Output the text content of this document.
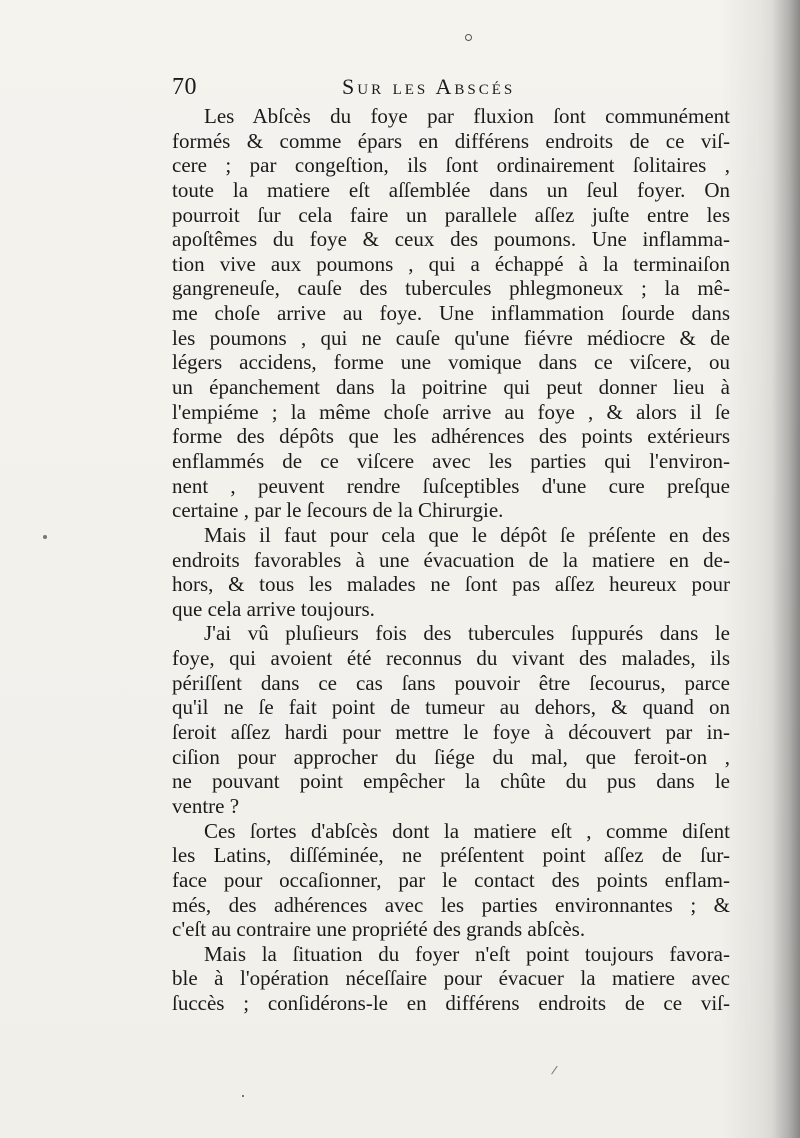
70	Sur les Abscés
Les Abſcès du foye par fluxion ſont communément
formés & comme épars en différens endroits de ce viſ-
cere ; par congeſtion, ils ſont ordinairement ſolitaires ,
toute la matiere eſt aſſemblée dans un ſeul foyer. On
pourroit ſur cela faire un parallele aſſez juſte entre les
apoſtêmes du foye & ceux des poumons. Une inflamma-
tion vive aux poumons , qui a échappé à la terminaiſon
gangreneuſe, cauſe des tubercules phlegmoneux ; la mê-
me choſe arrive au foye. Une inflammation ſourde dans
les poumons , qui ne cauſe qu'une fiévre médiocre & de
légers accidens, forme une vomique dans ce viſcere, ou
un épanchement dans la poitrine qui peut donner lieu à
l'empiéme ; la même choſe arrive au foye , & alors il ſe
forme des dépôts que les adhérences des points extérieurs
enflammés de ce viſcere avec les parties qui l'environ-
nent , peuvent rendre ſuſceptibles d'une cure preſque
certaine , par le ſecours de la Chirurgie.
Mais il faut pour cela que le dépôt ſe préſente en des
endroits favorables à une évacuation de la matiere en de-
hors, & tous les malades ne ſont pas aſſez heureux pour
que cela arrive toujours.
J'ai vû pluſieurs fois des tubercules ſuppurés dans le
foye, qui avoient été reconnus du vivant des malades, ils
périſſent dans ce cas ſans pouvoir être ſecourus, parce
qu'il ne ſe fait point de tumeur au dehors, & quand on
ſeroit aſſez hardi pour mettre le foye à découvert par in-
ciſion pour approcher du ſiége du mal, que feroit-on ,
ne pouvant point empêcher la chûte du pus dans le
ventre ?
Ces ſortes d'abſcès dont la matiere eſt , comme diſent
les Latins, diſſéminée, ne préſentent point aſſez de ſur-
face pour occaſionner, par le contact des points enflam-
més, des adhérences avec les parties environnantes ; &
c'eſt au contraire une propriété des grands abſcès.
Mais la ſituation du foyer n'eſt point toujours favora-
ble à l'opération néceſſaire pour évacuer la matiere avec
ſuccès ; conſidérons-le en différens endroits de ce viſ-
